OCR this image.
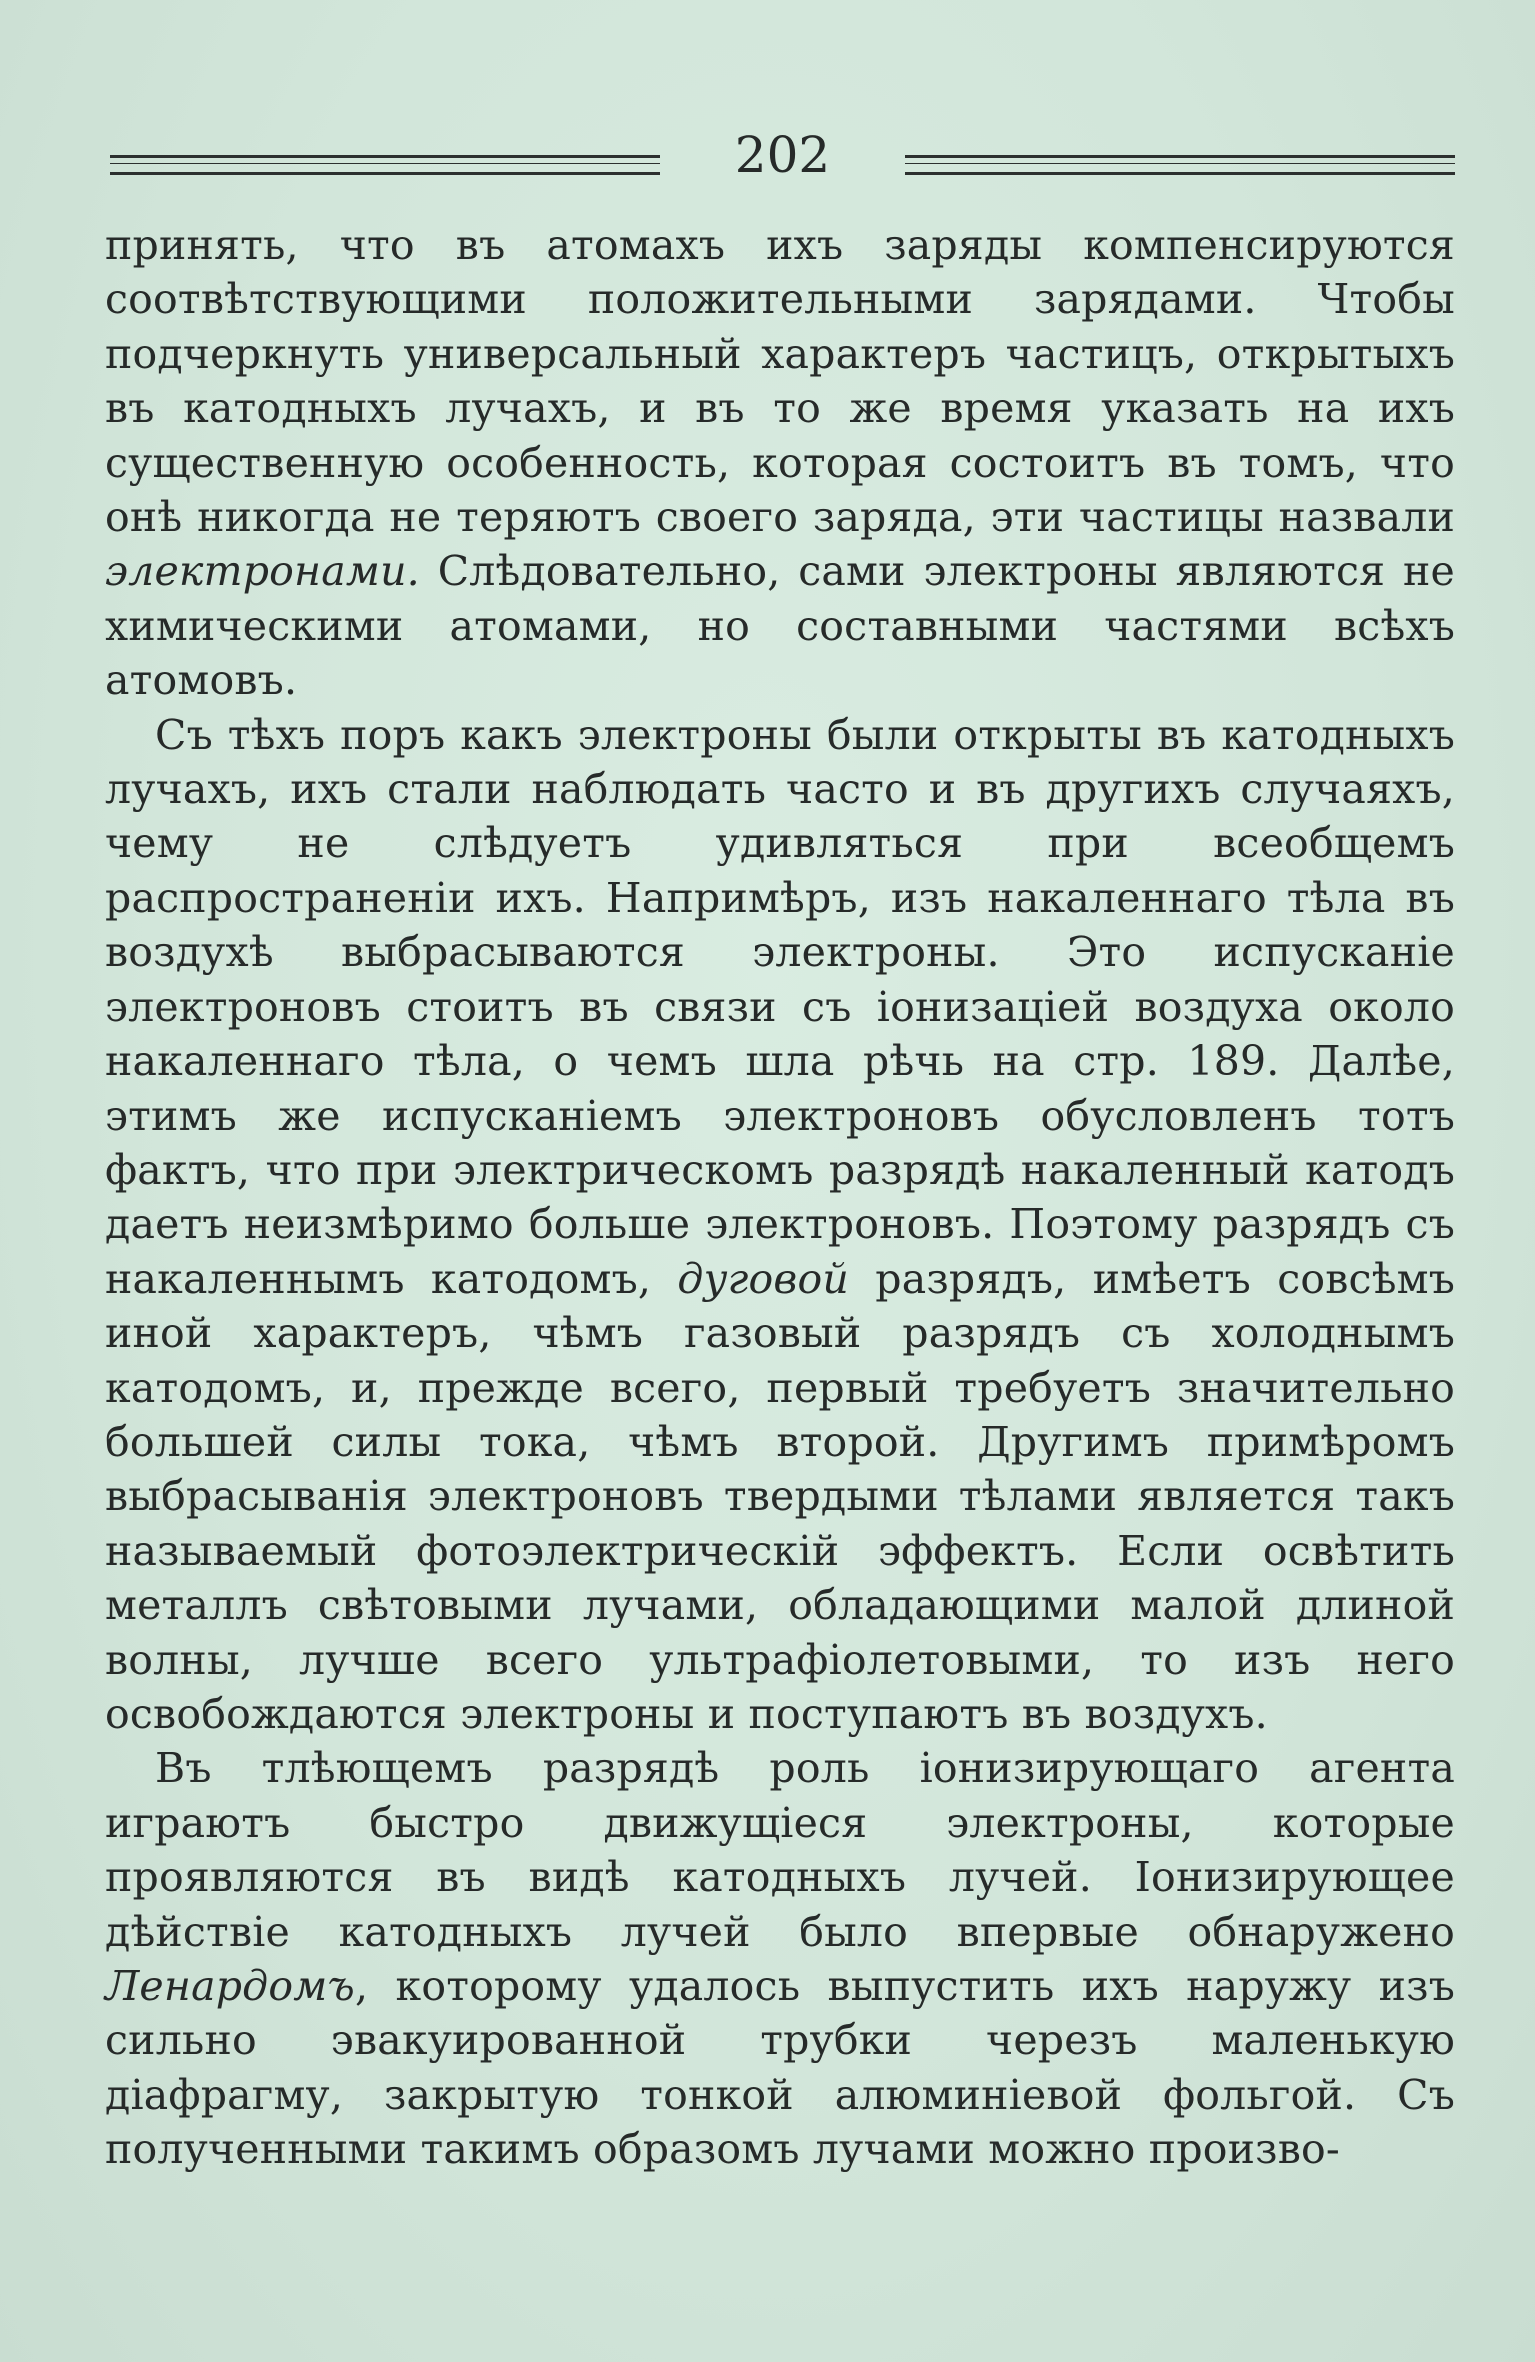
202

принять, что въ атомахъ ихъ заряды компенсируются соотвѣтствующими положительными зарядами. Чтобы подчеркнуть универсальный характеръ частицъ, открытыхъ въ катодныхъ лучахъ, и въ то же время указать на ихъ существенную особенность, которая состоитъ въ томъ, что онѣ никогда не теряютъ своего заряда, эти частицы назвали электронами. Слѣдовательно, сами электроны являются не химическими атомами, но составными частями всѣхъ атомовъ.

Съ тѣхъ поръ какъ электроны были открыты въ катодныхъ лучахъ, ихъ стали наблюдать часто и въ другихъ случаяхъ, чему не слѣдуетъ удивляться при всеобщемъ распространенiи ихъ. Напримѣръ, изъ накаленнаго тѣла въ воздухѣ выбрасываются электроны. Это испусканiе электроновъ стоитъ въ связи съ iонизацiей воздуха около накаленнаго тѣла, о чемъ шла рѣчь на стр. 189. Далѣе, этимъ же испусканiемъ электроновъ обусловленъ тотъ фактъ, что при электрическомъ разрядѣ накаленный катодъ даетъ неизмѣримо больше электроновъ. Поэтому разрядъ съ накаленнымъ катодомъ, дуговой разрядъ, имѣетъ совсѣмъ иной характеръ, чѣмъ газовый разрядъ съ холоднымъ катодомъ, и, прежде всего, первый требуетъ значительно большей силы тока, чѣмъ второй. Другимъ примѣромъ выбрасыванiя электроновъ твердыми тѣлами является такъ называемый фотоэлектрическiй эффектъ. Если освѣтить металлъ свѣтовыми лучами, обладающими малой длиной волны, лучше всего ультрафiолетовыми, то изъ него освобождаются электроны и поступаютъ въ воздухъ.

Въ тлѣющемъ разрядѣ роль iонизирующаго агента играютъ быстро движущiеся электроны, которые проявляются въ видѣ катодныхъ лучей. Iонизирующее дѣйствiе катодныхъ лучей было впервые обнаружено Ленардомъ, которому удалось выпустить ихъ наружу изъ сильно эвакуированной трубки черезъ маленькую дiафрагму, закрытую тонкой алюминiевой фольгой. Съ полученными такимъ образомъ лучами можно произво-
